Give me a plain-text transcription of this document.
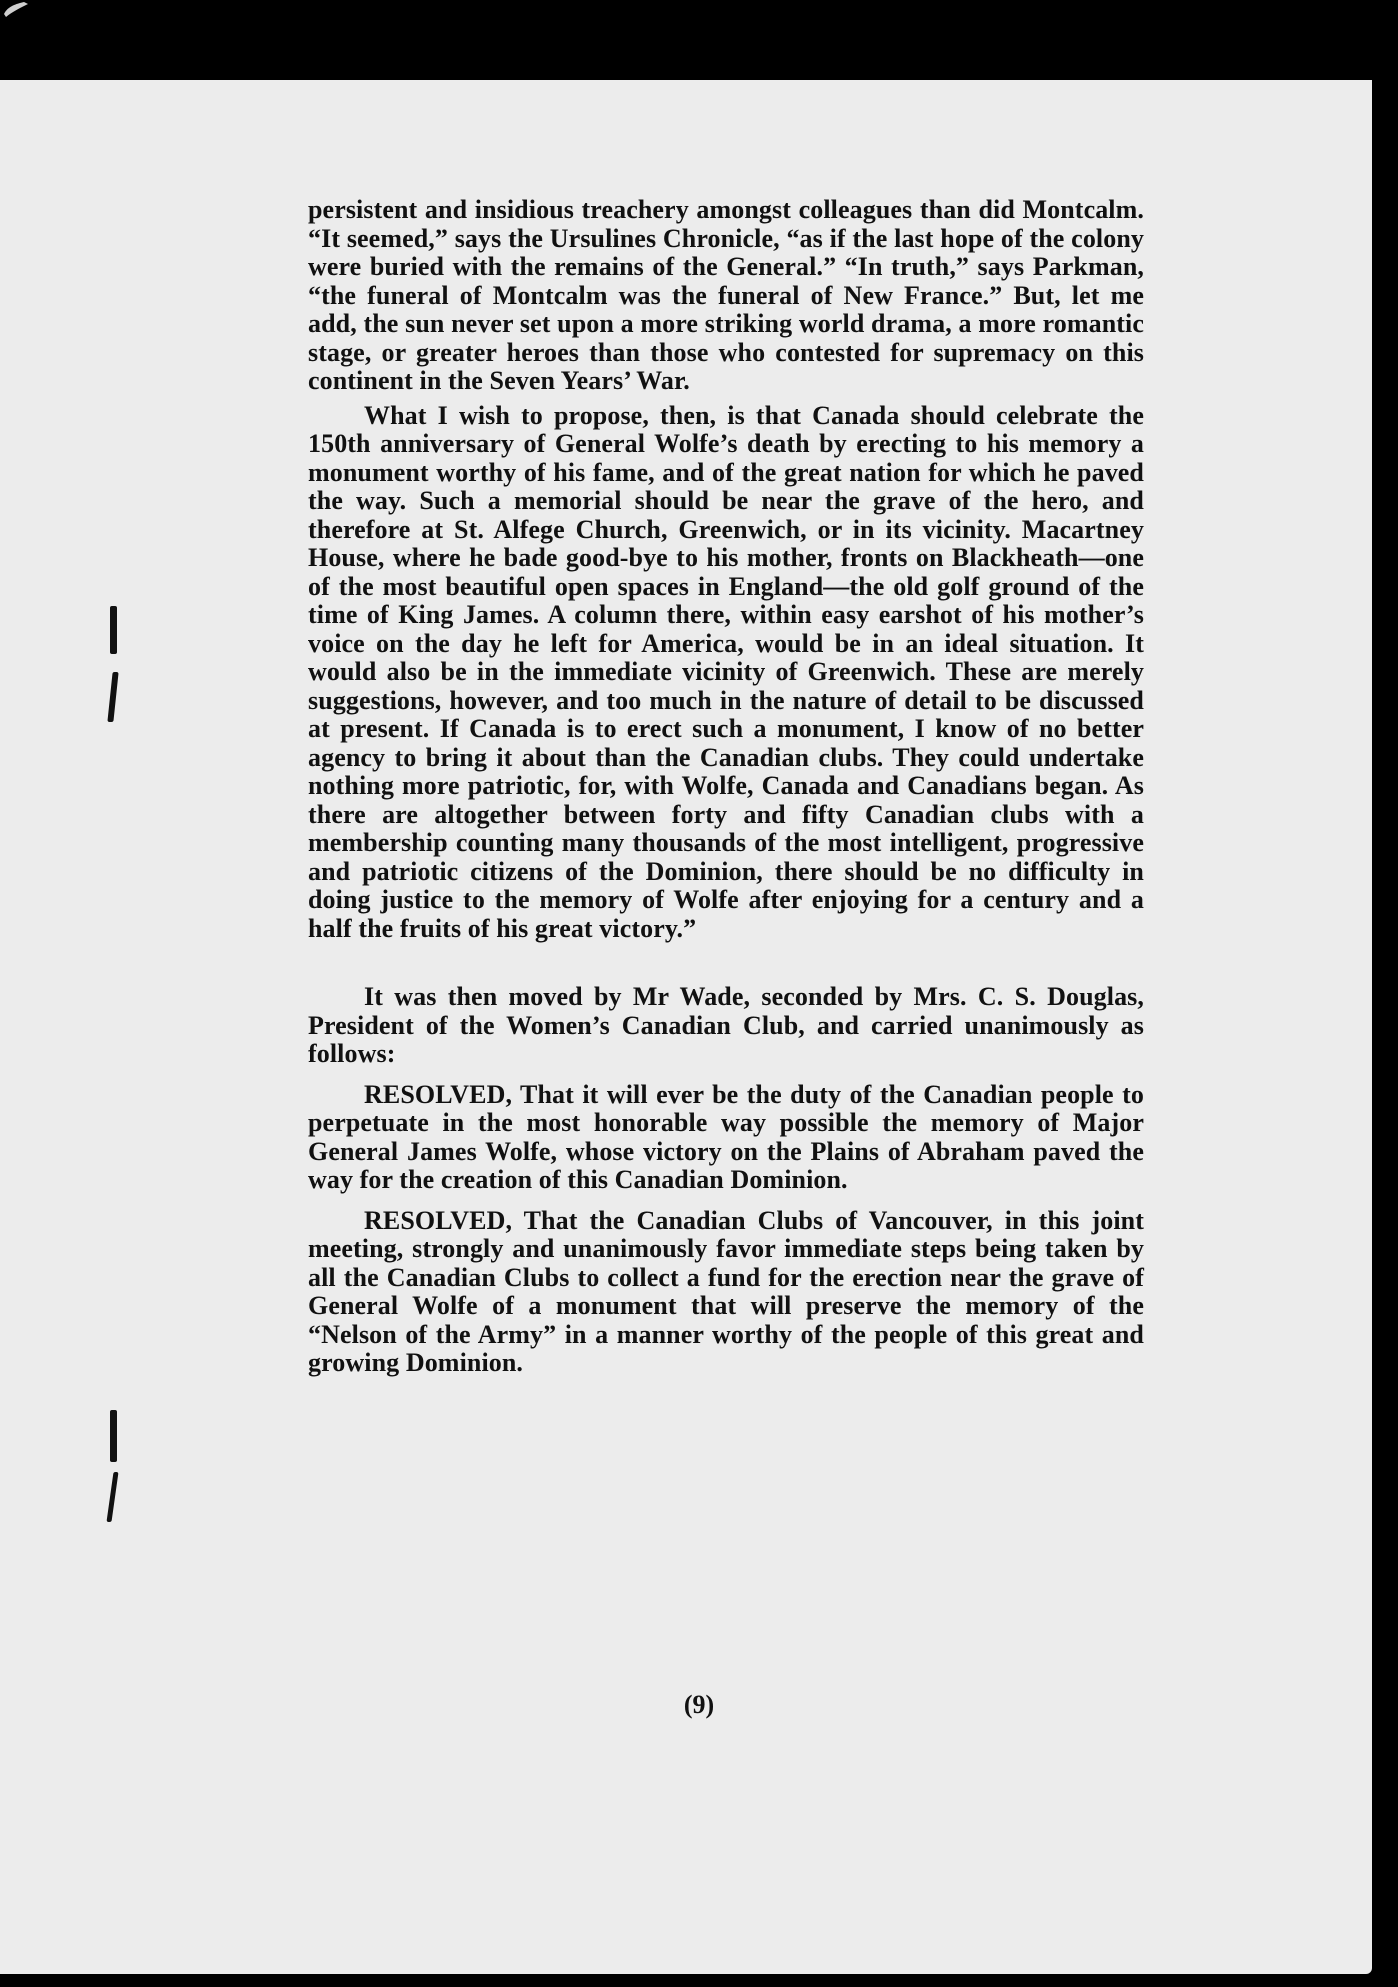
persistent and insidious treachery amongst colleagues than did Montcalm. “It seemed,” says the Ursulines Chronicle, “as if the last hope of the colony were buried with the remains of the General.” “In truth,” says Parkman, “the funeral of Montcalm was the funeral of New France.” But, let me add, the sun never set upon a more striking world drama, a more romantic stage, or greater heroes than those who contested for supremacy on this continent in the Seven Years’ War.

What I wish to propose, then, is that Canada should celebrate the 150th anniversary of General Wolfe’s death by erecting to his memory a monument worthy of his fame, and of the great nation for which he paved the way. Such a memorial should be near the grave of the hero, and therefore at St. Alfege Church, Greenwich, or in its vicinity. Macartney House, where he bade good-bye to his mother, fronts on Blackheath—one of the most beautiful open spaces in England—the old golf ground of the time of King James. A column there, within easy earshot of his mother’s voice on the day he left for America, would be in an ideal situation. It would also be in the immediate vicinity of Greenwich. These are merely suggestions, however, and too much in the nature of detail to be discussed at present. If Canada is to erect such a monument, I know of no better agency to bring it about than the Canadian clubs. They could undertake nothing more patriotic, for, with Wolfe, Canada and Canadians began. As there are altogether between forty and fifty Canadian clubs with a membership counting many thousands of the most intelligent, progressive and patriotic citizens of the Dominion, there should be no difficulty in doing justice to the memory of Wolfe after enjoying for a century and a half the fruits of his great victory.”

It was then moved by Mr Wade, seconded by Mrs. C. S. Douglas, President of the Women’s Canadian Club, and carried unanimously as follows:

RESOLVED, That it will ever be the duty of the Canadian people to perpetuate in the most honorable way possible the memory of Major General James Wolfe, whose victory on the Plains of Abraham paved the way for the creation of this Canadian Dominion.

RESOLVED, That the Canadian Clubs of Vancouver, in this joint meeting, strongly and unanimously favor immediate steps being taken by all the Canadian Clubs to collect a fund for the erection near the grave of General Wolfe of a monument that will preserve the memory of the “Nelson of the Army” in a manner worthy of the people of this great and growing Dominion.

(9)
